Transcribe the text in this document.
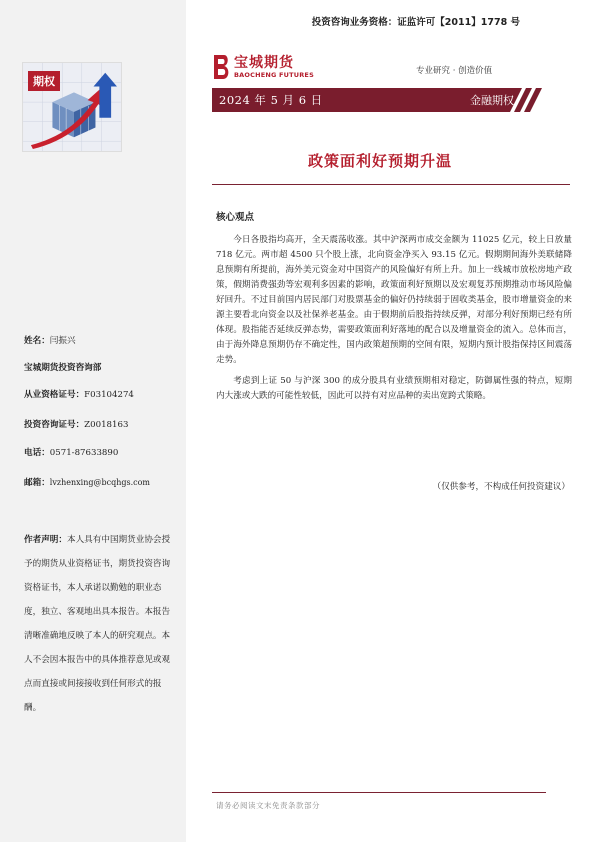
投资咨询业务资格：证监许可【2011】1778 号
期权
宝城期货
BAOCHENG FUTURES	专业研究 · 创造价值
2024 年 5 月 6 日	金融期权
政策面利好预期升温
核心观点

今日各股指均高开，全天震荡收涨。其中沪深两市成交金额为 11025 亿元，较上日放量 718 亿元。两市超 4500 只个股上涨，北向资金净买入 93.15 亿元。假期期间海外美联储降息预期有所提前，海外美元资金对中国资产的风险偏好有所上升。加上一线城市放松房地产政策，假期消费强劲等宏观利多因素的影响，政策面利好预期以及宏观复苏预期推动市场风险偏好回升。不过目前国内居民部门对股票基金的偏好仍持续弱于固收类基金，股市增量资金的来源主要看北向资金以及社保养老基金。由于假期前后股指持续反弹，对部分利好预期已经有所体现。股指能否延续反弹态势，需要政策面利好落地的配合以及增量资金的流入。总体而言，由于海外降息预期仍存不确定性，国内政策超预期的空间有限，短期内预计股指保持区间震荡走势。

考虑到上证 50 与沪深 300 的成分股具有业绩预期相对稳定，防御属性强的特点，短期内大涨或大跌的可能性较低，因此可以持有对应品种的卖出宽跨式策略。

（仅供参考，不构成任何投资建议）
姓名：闫振兴
宝城期货投资咨询部
从业资格证号：F03104274
投资咨询证号：Z0018163
电话：0571-87633890
邮箱：lvzhenxing@bcqhgs.com
作者声明：本人具有中国期货业协会授予的期货从业资格证书，期货投资咨询资格证书，本人承诺以勤勉的职业态度，独立、客观地出具本报告。本报告清晰准确地反映了本人的研究观点。本人不会因本报告中的具体推荐意见或观点而直接或间接接收到任何形式的报酬。
请务必阅读文末免责条款部分
